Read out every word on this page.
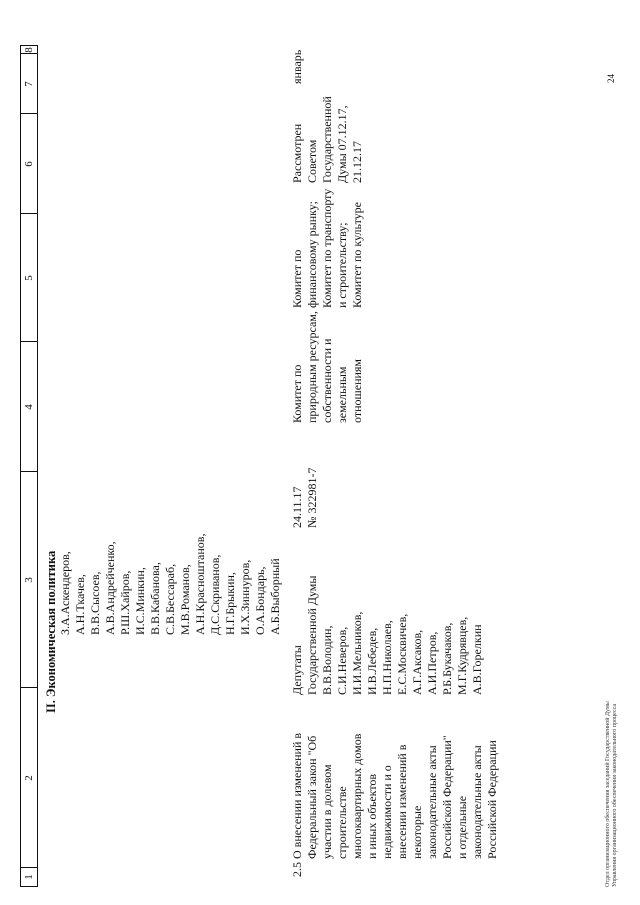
1
2
3
4
5
6
7
8
II. Экономическая политика З.А.Аскендеров,
А.Н.Ткачев,
В.В.Сысоев,
А.В.Андрейченко,
Р.Ш.Хайров,
И.С.Минкин,
В.В.Кабанова,
С.В.Бессараб,
М.В.Романов,
А.Н.Красноштанов,
Д.С.Скриванов,
Н.Г.Брыкин,
И.Х.Зиннуров,
О.А.Бондарь,
А.Б.Выборный
2.5
О внесении изменений в
Федеральный закон "Об
участии в долевом
строительстве
многоквартирных домов
и иных объектов
недвижимости и о
внесении изменений в
некоторые
законодательные акты
Российской Федерации"
и отдельные
законодательные акты
Российской Федерации
Депутаты
Государственной Думы
В.В.Володин,
С.И.Неверов,
И.И.Мельников,
И.В.Лебедев,
Н.П.Николаев,
Е.С.Москвичев,
А.Г.Аксаков,
А.И.Петров,
Р.Б.Букачаков,
М.Г.Кудрявцев,
А.В.Горелкин
24.11.17
№ 322981-7
Комитет по
природным ресурсам,
собственности и
земельным
отношениям
Комитет по
финансовому рынку;
Комитет по транспорту
и строительству;
Комитет по культуре
Рассмотрен
Советом
Государственной
Думы 07.12.17,
21.12.17
январь
Отдел организационного обеспечения заседаний Государственной Думы
Управления организационного обеспечения законодательного процесса
24
